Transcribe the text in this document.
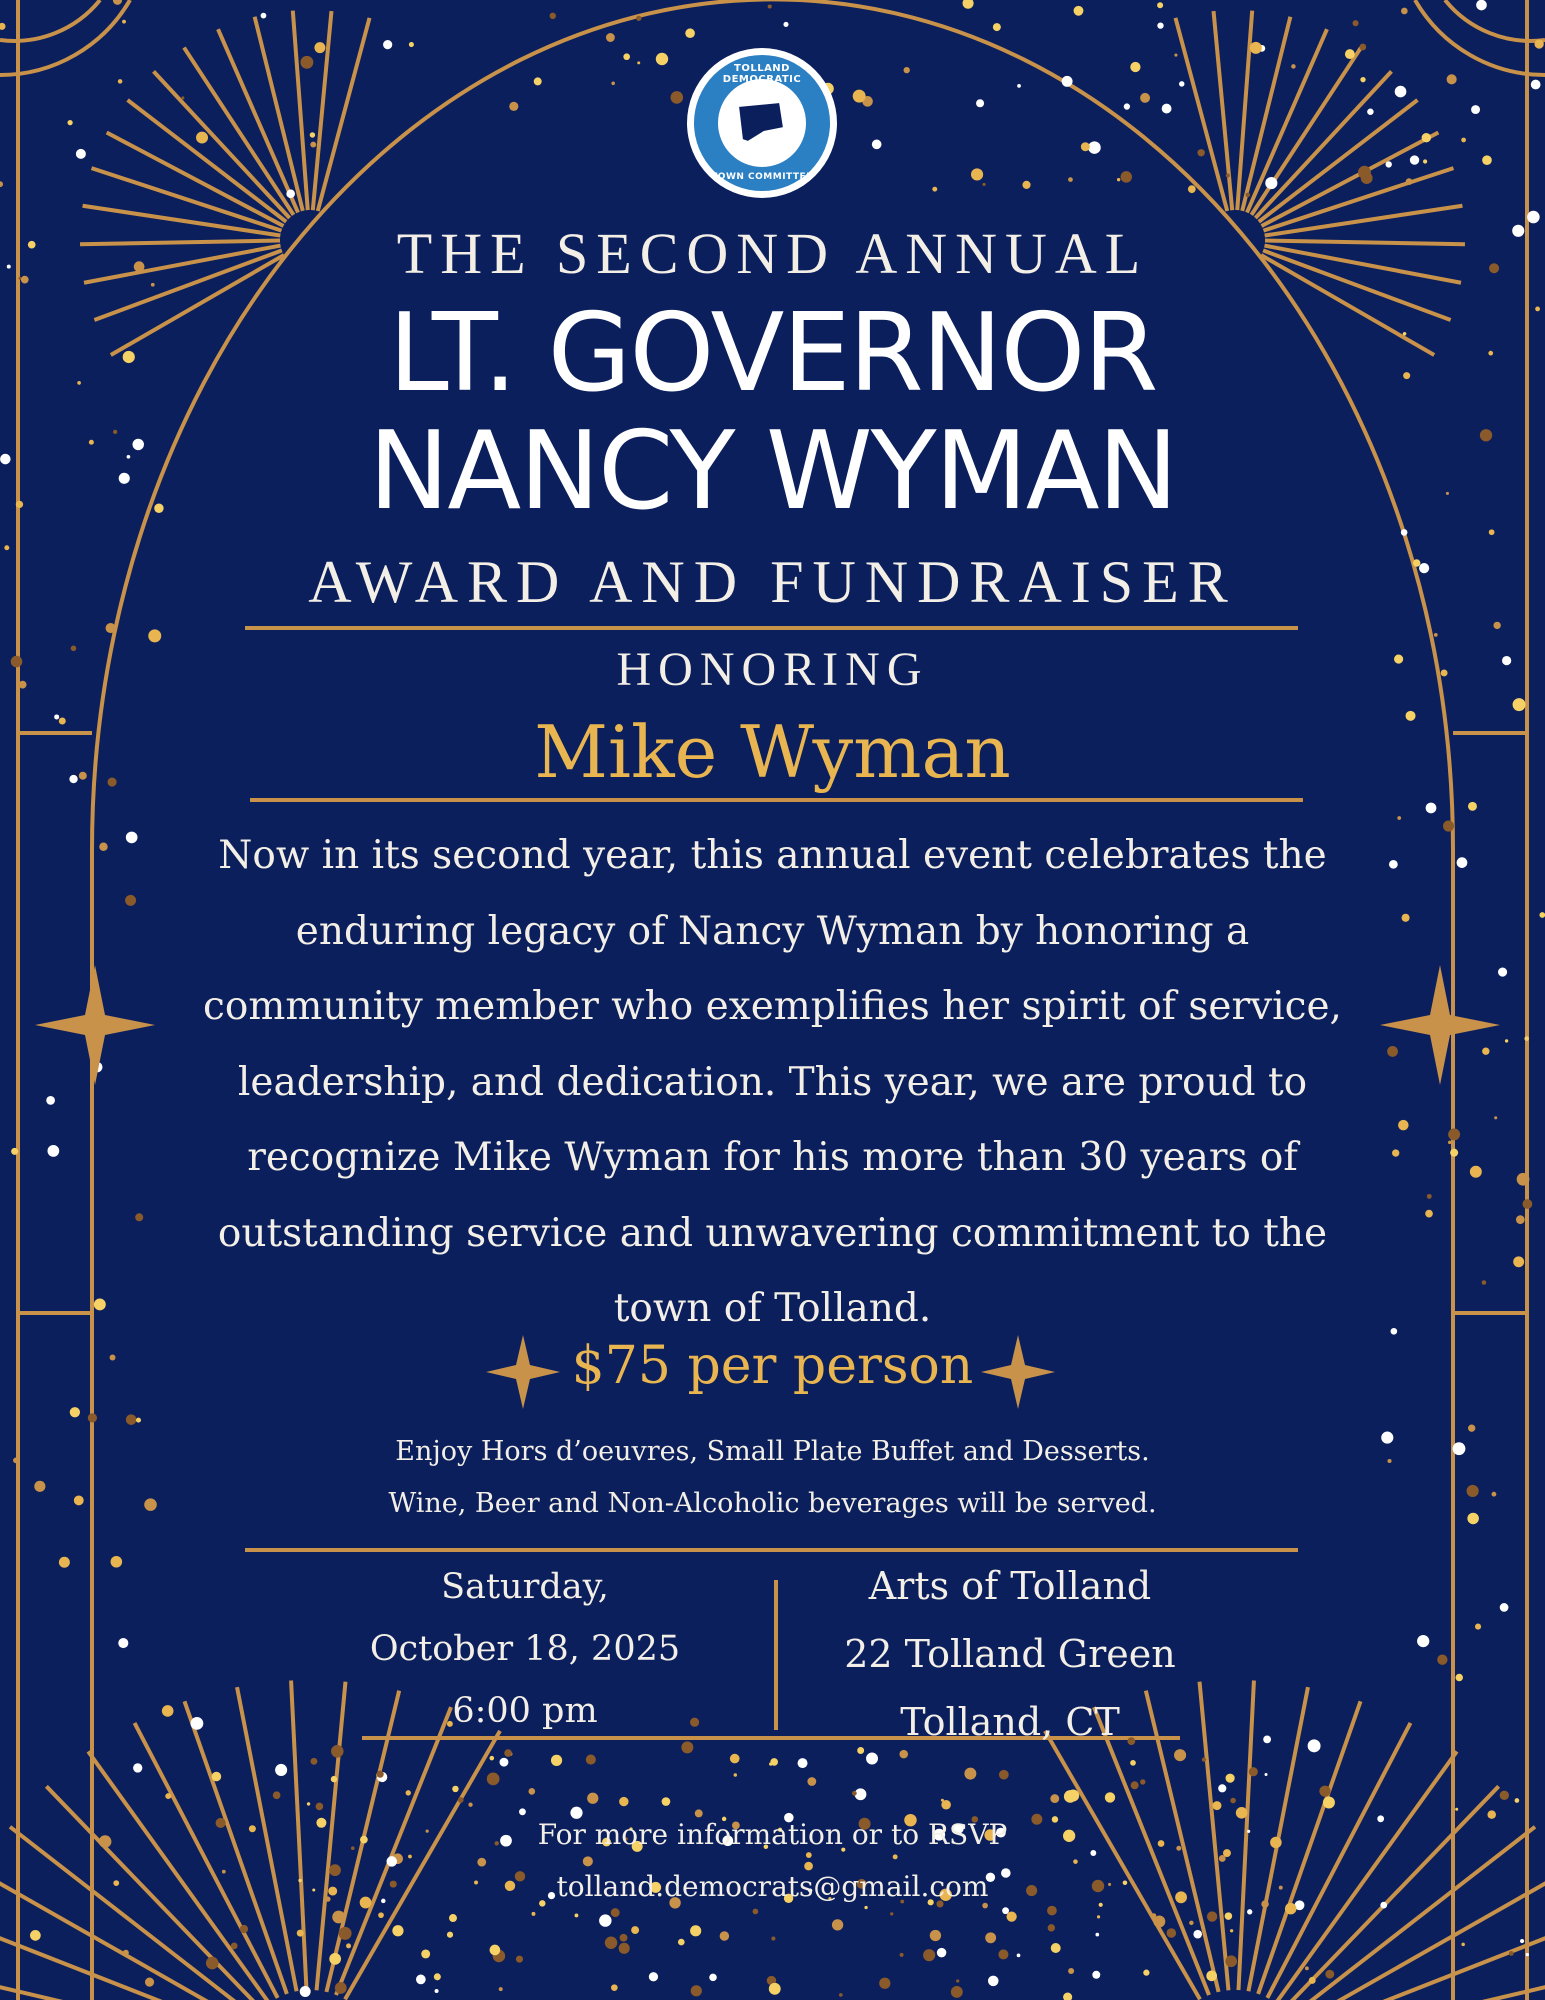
TOLLAND DEMOCRATIC
TOWN COMMITTEE
THE SECOND ANNUAL
LT. GOVERNOR
NANCY WYMAN
AWARD AND FUNDRAISER
HONORING
Mike Wyman
Now in its second year, this annual event celebrates the enduring legacy of Nancy Wyman by honoring a community member who exemplifies her spirit of service, leadership, and dedication. This year, we are proud to recognize Mike Wyman for his more than 30 years of outstanding service and unwavering commitment to the town of Tolland.
$75 per person
Enjoy Hors d’oeuvres, Small Plate Buffet and Desserts.
Wine, Beer and Non-Alcoholic beverages will be served.
Saturday,
October 18, 2025
6:00 pm
Arts of Tolland
22 Tolland Green
Tolland, CT
For more information or to RSVP
tolland.democrats@gmail.com
